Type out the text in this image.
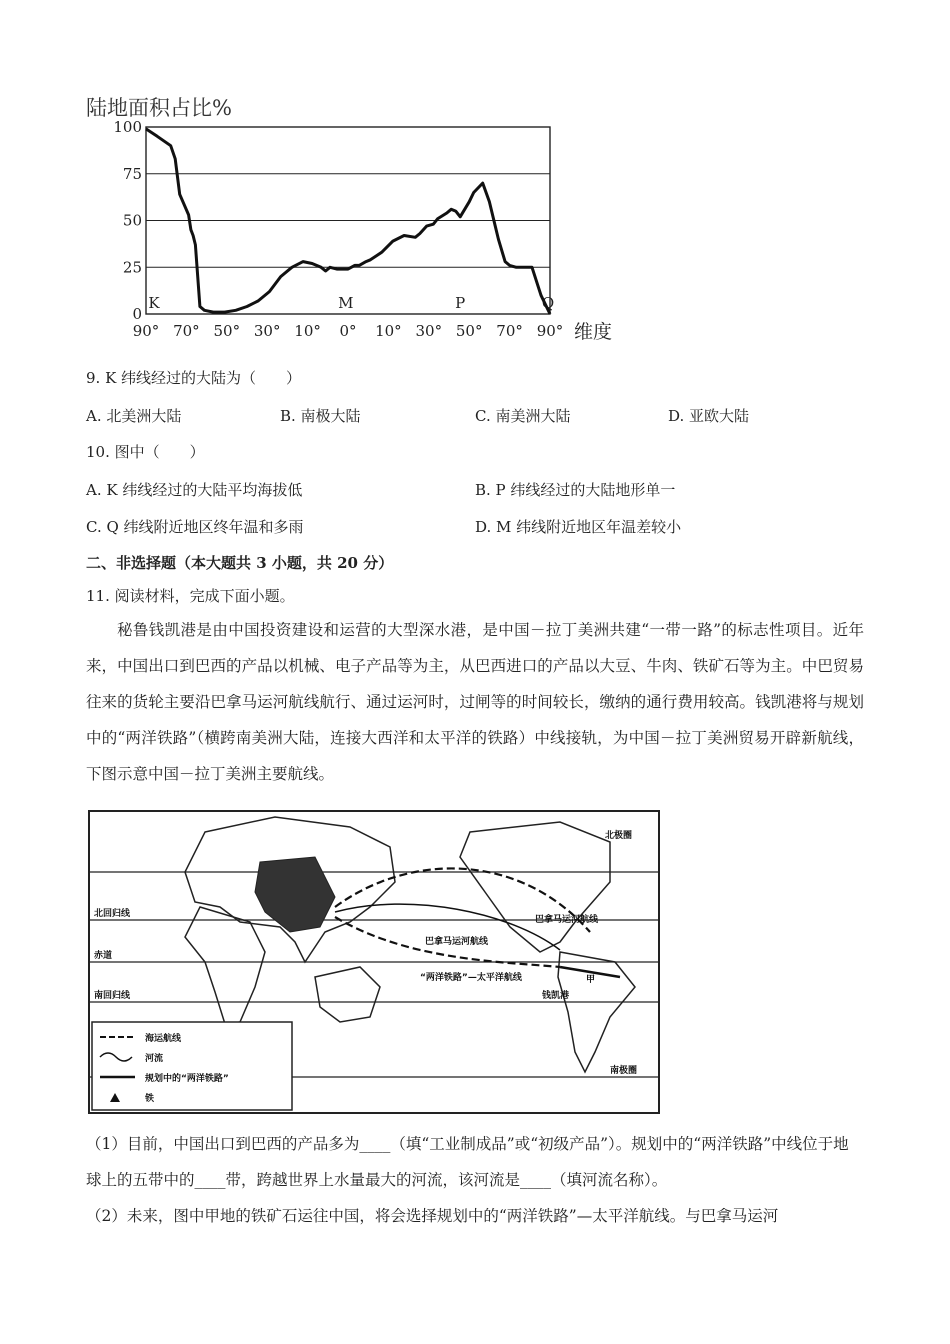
陆地面积占比%
0
25
50
75
100
90° 70° 50° 30° 10° 0° 10° 30° 50° 70° 90° 维度
K	M	P	Q
9. K 纬线经过的大陆为（　　）
A. 北美洲大陆	B. 南极大陆	C. 南美洲大陆	D. 亚欧大陆
10. 图中（　　）
A. K 纬线经过的大陆平均海拔低	B. P 纬线经过的大陆地形单一
C. Q 纬线附近地区终年温和多雨	D. M 纬线附近地区年温差较小
二、非选择题（本大题共 3 小题，共 20 分）
11. 阅读材料，完成下面小题。
秘鲁钱凯港是由中国投资建设和运营的大型深水港，是中国－拉丁美洲共建“一带一路”的标志性项目。近年来，中国出口到巴西的产品以机械、电子产品等为主，从巴西进口的产品以大豆、牛肉、铁矿石等为主。中巴贸易往来的货轮主要沿巴拿马运河航线航行、通过运河时，过闸等的时间较长，缴纳的通行费用较高。钱凯港将与规划中的“两洋铁路”（横跨南美洲大陆，连接大西洋和太平洋的铁路）中线接轨，为中国－拉丁美洲贸易开辟新航线，下图示意中国－拉丁美洲主要航线。
北极圈
北回归线
赤道
南回归线
南极圈
巴拿马运河航线
巴拿马运河航线
“两洋铁路”—太平洋航线
钱凯港
甲
海运航线
河流
规划中的“两洋铁路”
铁
（1）目前，中国出口到巴西的产品多为____（填“工业制成品”或“初级产品”）。规划中的“两洋铁路”中线位于地球上的五带中的____带，跨越世界上水量最大的河流，该河流是____（填河流名称）。
（2）未来，图中甲地的铁矿石运往中国，将会选择规划中的“两洋铁路”—太平洋航线。与巴拿马运河
